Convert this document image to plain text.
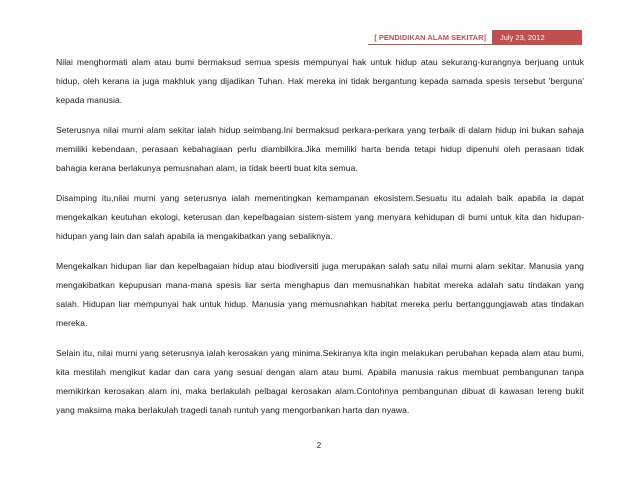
[ PENDIDIKAN ALAM SEKITAR]	July 23, 2012

Nilai menghormati alam atau bumi bermaksud semua spesis mempunyai hak untuk hidup atau sekurang-kurangnya berjuang untuk hidup, oleh kerana ia juga makhluk yang dijadikan Tuhan. Hak mereka ini tidak bergantung kepada samada spesis tersebut 'berguna' kepada manusia.

Seterusnya nilai murni alam sekitar ialah hidup seimbang.Ini bermaksud perkara-perkara yang terbaik di dalam hidup ini bukan sahaja memiliki kebendaan, perasaan kebahagiaan perlu diambilkira.Jika memiliki harta benda tetapi hidup dipenuhi oleh perasaan tidak bahagia kerana berlakunya pemusnahan alam, ia tidak beerti buat kita semua.

Disamping itu,nilai murni yang seterusnya ialah mementingkan kemampanan ekosistem.Sesuatu itu adalah baik apabila ia dapat mengekalkan keutuhan ekologi, keterusan dan kepelbagaian sistem-sistem yang menyara kehidupan di bumi untuk kita dan hidupan-hidupan yang lain dan salah apabila ia mengakibatkan yang sebaliknya.

Mengekalkan hidupan liar dan kepelbagaian hidup atau biodiversiti juga merupakan salah satu nilai murni alam sekitar. Manusia yang mengakibatkan kepupusan mana-mana spesis liar serta menghapus dan memusnahkan habitat mereka adalah satu tindakan yang salah. Hidupan liar mempunyai hak untuk hidup. Manusia yang memusnahkan habitat mereka perlu bertanggungjawab atas tindakan mereka.

Selain itu, nilai murni yang seterusnya ialah kerosakan yang minima.Sekiranya kita ingin melakukan perubahan kepada alam atau bumi, kita mestilah mengikut kadar dan cara yang sesuai dengan alam atau bumi. Apabila manusia rakus membuat pembangunan tanpa memikirkan kerosakan alam ini, maka berlakulah pelbagai kerosakan alam.Contohnya pembangunan dibuat di kawasan lereng bukit yang maksima maka berlakulah tragedi tanah runtuh yang mengorbankan harta dan nyawa.

2
